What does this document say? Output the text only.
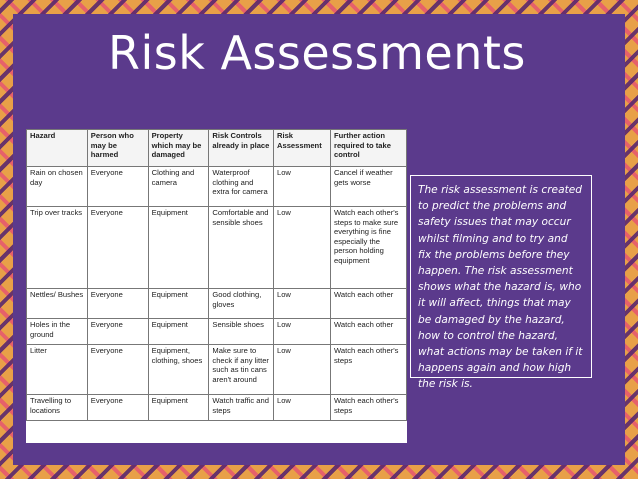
Risk Assessments
Hazard	Person who may be harmed	Property which may be damaged	Risk Controls already in place	Risk Assessment	Further action required to take control
Rain on chosen day	Everyone	Clothing and camera	Waterproof clothing and extra for camera	Low	Cancel if weather gets worse
Trip over tracks	Everyone	Equipment	Comfortable and sensible shoes	Low	Watch each other's steps to make sure everything is fine especially the person holding equipment
Nettles/ Bushes	Everyone	Equipment	Good clothing, gloves	Low	Watch each other
Holes in the ground	Everyone	Equipment	Sensible shoes	Low	Watch each other
Litter	Everyone	Equipment, clothing, shoes	Make sure to check if any litter such as tin cans aren't around	Low	Watch each other's steps
Travelling to locations	Everyone	Equipment	Watch traffic and steps	Low	Watch each other's steps
The risk assessment is created to predict the problems and safety issues that may occur whilst filming and to try and fix the problems before they happen. The risk assessment shows what the hazard is, who it will affect, things that may be damaged by the hazard, how to control the hazard, what actions may be taken if it happens again and how high the risk is.
